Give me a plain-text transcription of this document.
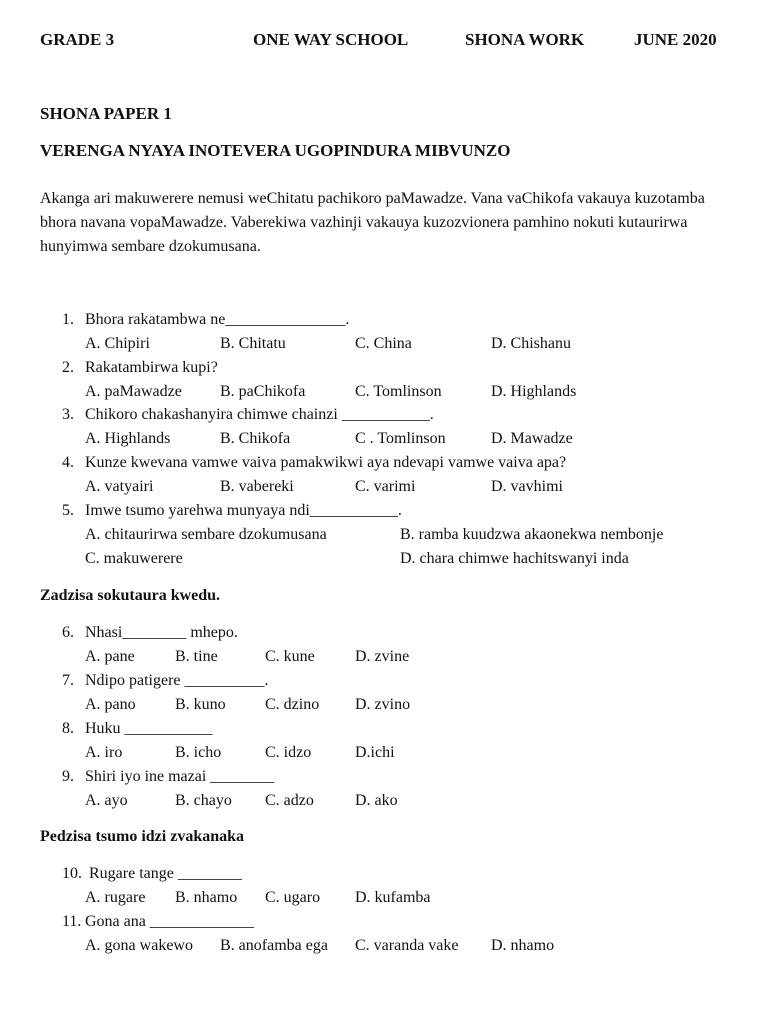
GRADE 3	ONE WAY SCHOOL	SHONA WORK	JUNE 2020
SHONA PAPER 1
VERENGA NYAYA INOTEVERA UGOPINDURA MIBVUNZO
Akanga ari makuwerere nemusi weChitatu pachikoro paMawadze. Vana vaChikofa vakauya kuzotamba bhora navana vopaMawadze. Vaberekiwa vazhinji vakauya kuzozvionera pamhino nokuti kutaurirwa hunyimwa sembare dzokumusana.
1. Bhora rakatambwa ne_______________.
A. Chipiri	B. Chitatu	C. China	D. Chishanu
2. Rakatambirwa kupi?
A. paMawadze B. paChikofa	C. Tomlinson	D. Highlands
3. Chikoro chakashanyira chimwe chainzi ___________.
A. Highlands	B. Chikofa	C . Tomlinson	D. Mawadze
4. Kunze kwevana vamwe vaiva pamakwikwi aya ndevapi vamwe vaiva apa?
A. vatyairi	B. vabereki	C. varimi	D. vavhimi
5. Imwe tsumo yarehwa munyaya ndi___________.
A. chitaurirwa sembare dzokumusana	B. ramba kuudzwa akaonekwa nembonje
C. makuwerere	D. chara chimwe hachitswanyi inda
Zadzisa sokutaura kwedu.
6. Nhasi________ mhepo.
A. pane	B. tine	C. kune	D. zvine
7. Ndipo patigere __________.
A. pano B. kuno C. dzino D. zvino
8. Huku ___________
A. iro	B. icho	C. idzo	D.ichi
9. Shiri iyo ine mazai ________
A. ayo	B. chayo C. adzo	D. ako
Pedzisa tsumo idzi zvakanaka
10. Rugare tange ________
A. rugare B. nhamo C. ugaro D. kufamba
11. Gona ana _____________
A. gona wakewo B. anofamba ega C. varanda vake D. nhamo
